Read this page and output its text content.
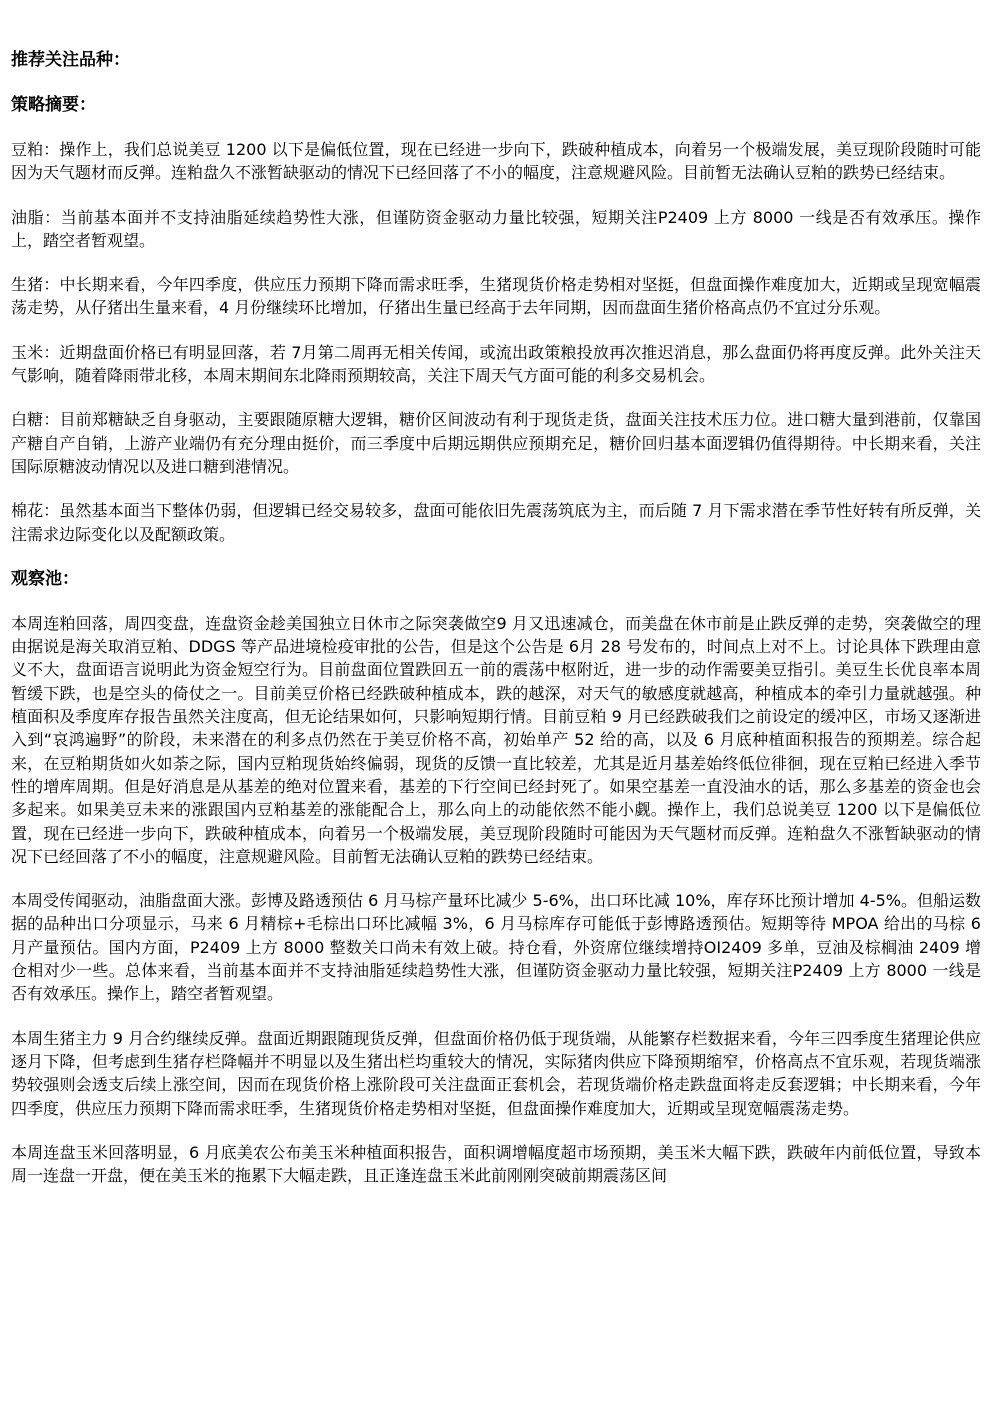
推荐关注品种：
策略摘要：
豆粕：操作上，我们总说美豆 1200 以下是偏低位置，现在已经进一步向下，跌破种植成本，向着另一个极端发展，美豆现阶段随时可能因为天气题材而反弹。连粕盘久不涨暂缺驱动的情况下已经回落了不小的幅度，注意规避风险。目前暂无法确认豆粕的跌势已经结束。
油脂：当前基本面并不支持油脂延续趋势性大涨，但谨防资金驱动力量比较强，短期关注P2409 上方 8000 一线是否有效承压。操作上，踏空者暂观望。
生猪：中长期来看，今年四季度，供应压力预期下降而需求旺季，生猪现货价格走势相对坚挺，但盘面操作难度加大，近期或呈现宽幅震荡走势，从仔猪出生量来看，4 月份继续环比增加，仔猪出生量已经高于去年同期，因而盘面生猪价格高点仍不宜过分乐观。
玉米：近期盘面价格已有明显回落，若 7月第二周再无相关传闻，或流出政策粮投放再次推迟消息，那么盘面仍将再度反弹。此外关注天气影响，随着降雨带北移，本周末期间东北降雨预期较高，关注下周天气方面可能的利多交易机会。
白糖：目前郑糖缺乏自身驱动，主要跟随原糖大逻辑，糖价区间波动有利于现货走货，盘面关注技术压力位。进口糖大量到港前，仅靠国产糖自产自销，上游产业端仍有充分理由挺价，而三季度中后期远期供应预期充足，糖价回归基本面逻辑仍值得期待。中长期来看，关注国际原糖波动情况以及进口糖到港情况。
棉花：虽然基本面当下整体仍弱，但逻辑已经交易较多，盘面可能依旧先震荡筑底为主，而后随 7 月下需求潜在季节性好转有所反弹，关注需求边际变化以及配额政策。
观察池：
本周连粕回落，周四变盘，连盘资金趁美国独立日休市之际突袭做空9 月又迅速减仓，而美盘在休市前是止跌反弹的走势，突袭做空的理由据说是海关取消豆粕、DDGS 等产品进境检疫审批的公告，但是这个公告是 6月 28 号发布的，时间点上对不上。讨论具体下跌理由意义不大，盘面语言说明此为资金短空行为。目前盘面位置跌回五一前的震荡中枢附近，进一步的动作需要美豆指引。美豆生长优良率本周暂缓下跌，也是空头的倚仗之一。目前美豆价格已经跌破种植成本，跌的越深，对天气的敏感度就越高，种植成本的牵引力量就越强。种植面积及季度库存报告虽然关注度高，但无论结果如何，只影响短期行情。目前豆粕 9 月已经跌破我们之前设定的缓冲区，市场又逐渐进入到“哀鸿遍野”的阶段，未来潜在的利多点仍然在于美豆价格不高，初始单产 52 给的高，以及 6 月底种植面积报告的预期差。综合起来，在豆粕期货如火如荼之际，国内豆粕现货始终偏弱，现货的反馈一直比较差，尤其是近月基差始终低位徘徊，现在豆粕已经进入季节性的增库周期。但是好消息是从基差的绝对位置来看，基差的下行空间已经封死了。如果空基差一直没油水的话，那么多基差的资金也会多起来。如果美豆未来的涨跟国内豆粕基差的涨能配合上，那么向上的动能依然不能小觑。操作上，我们总说美豆 1200 以下是偏低位置，现在已经进一步向下，跌破种植成本，向着另一个极端发展，美豆现阶段随时可能因为天气题材而反弹。连粕盘久不涨暂缺驱动的情况下已经回落了不小的幅度，注意规避风险。目前暂无法确认豆粕的跌势已经结束。
本周受传闻驱动，油脂盘面大涨。彭博及路透预估 6 月马棕产量环比减少 5-6%，出口环比减 10%，库存环比预计增加 4-5%。但船运数据的品种出口分项显示，马来 6 月精棕+毛棕出口环比减幅 3%，6 月马棕库存可能低于彭博路透预估。短期等待 MPOA 给出的马棕 6 月产量预估。国内方面，P2409 上方 8000 整数关口尚未有效上破。持仓看，外资席位继续增持OI2409 多单，豆油及棕榈油 2409 增仓相对少一些。总体来看，当前基本面并不支持油脂延续趋势性大涨，但谨防资金驱动力量比较强，短期关注P2409 上方 8000 一线是否有效承压。操作上，踏空者暂观望。
本周生猪主力 9 月合约继续反弹。盘面近期跟随现货反弹，但盘面价格仍低于现货端，从能繁存栏数据来看，今年三四季度生猪理论供应逐月下降，但考虑到生猪存栏降幅并不明显以及生猪出栏均重较大的情况，实际猪肉供应下降预期缩窄，价格高点不宜乐观，若现货端涨势较强则会透支后续上涨空间，因而在现货价格上涨阶段可关注盘面正套机会，若现货端价格走跌盘面将走反套逻辑；中长期来看，今年四季度，供应压力预期下降而需求旺季，生猪现货价格走势相对坚挺，但盘面操作难度加大，近期或呈现宽幅震荡走势。
本周连盘玉米回落明显，6 月底美农公布美玉米种植面积报告，面积调增幅度超市场预期，美玉米大幅下跌，跌破年内前低位置，导致本周一连盘一开盘，便在美玉米的拖累下大幅走跌，且正逢连盘玉米此前刚刚突破前期震荡区间
